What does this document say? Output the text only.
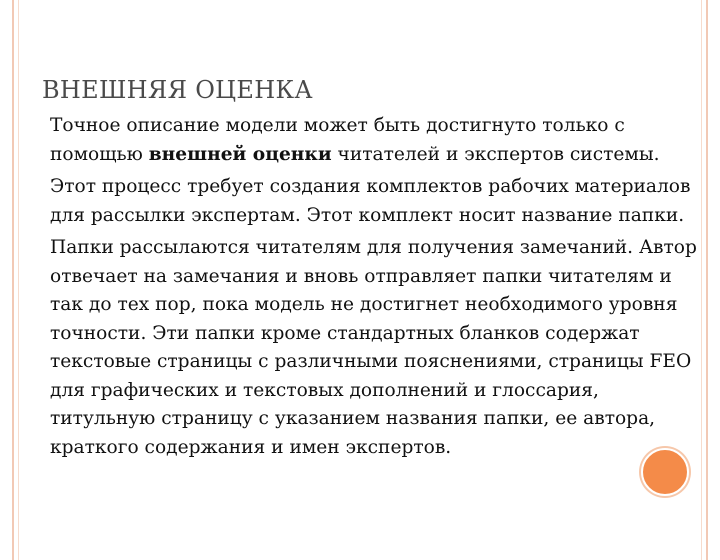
ВНЕШНЯЯ ОЦЕНКА

Точное описание модели может быть достигнуто только с помощью внешней оценки читателей и экспертов системы.

Этот процесс требует создания комплектов рабочих материалов для рассылки экспертам. Этот комплект носит название папки.

Папки рассылаются читателям для получения замечаний. Автор отвечает на замечания и вновь отправляет папки читателям и так до тех пор, пока модель не достигнет необходимого уровня точности. Эти папки кроме стандартных бланков содержат текстовые страницы с различными пояснениями, страницы FEO для графических и текстовых дополнений и глоссария, титульную страницу с указанием названия папки, ее автора, краткого содержания и имен экспертов.
